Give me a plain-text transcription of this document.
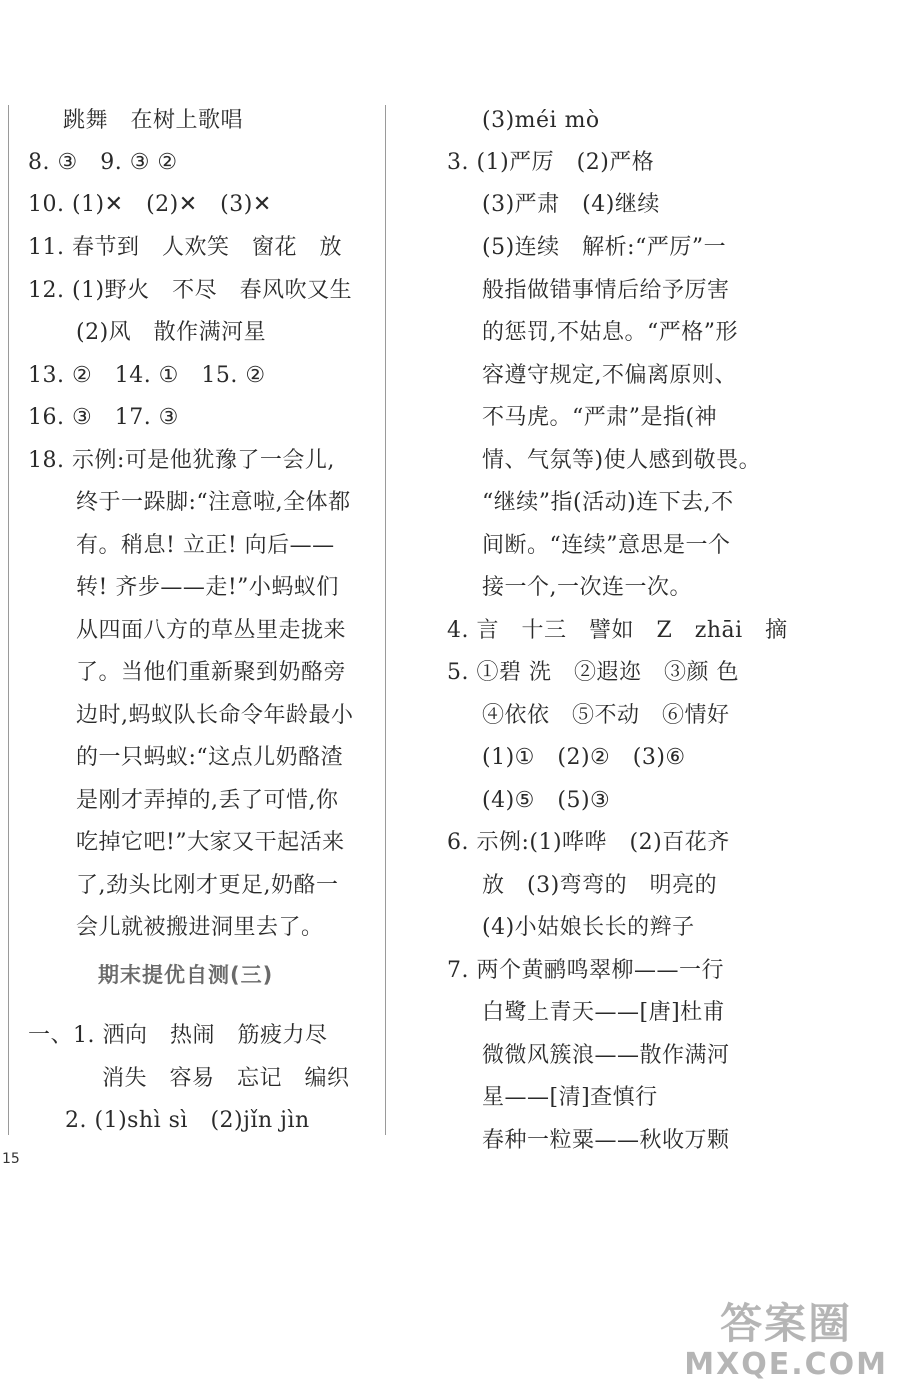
跳舞　在树上歌唱
8. ③　9. ③ ②
10. (1)✕　(2)✕　(3)✕
11. 春节到　人欢笑　窗花　放
12. (1)野火　不尽　春风吹又生
(2)风　散作满河星
13. ②　14. ①　15. ②
16. ③　17. ③
18. 示例:可是他犹豫了一会儿,
终于一跺脚:“注意啦,全体都
有。稍息! 立正! 向后——
转! 齐步——走!”小蚂蚁们
从四面八方的草丛里走拢来
了。当他们重新聚到奶酪旁
边时,蚂蚁队长命令年龄最小
的一只蚂蚁:“这点儿奶酪渣
是刚才弄掉的,丢了可惜,你
吃掉它吧!”大家又干起活来
了,劲头比刚才更足,奶酪一
会儿就被搬进洞里去了。
期末提优自测(三)
一、1. 洒向　热闹　筋疲力尽
消失　容易　忘记　编织
2. (1)shì sì　(2)jǐn jìn
(3)méi mò
3. (1)严厉　(2)严格
(3)严肃　(4)继续
(5)连续　解析:“严厉”一
般指做错事情后给予厉害
的惩罚,不姑息。“严格”形
容遵守规定,不偏离原则、
不马虎。“严肃”是指(神
情、气氛等)使人感到敬畏。
“继续”指(活动)连下去,不
间断。“连续”意思是一个
接一个,一次连一次。
4. 言　十三　譬如　Z　zhāi　摘
5. ①碧 洗　②遐迩　③颜 色
④依依　⑤不动　⑥情好
(1)①　(2)②　(3)⑥
(4)⑤　(5)③
6. 示例:(1)哗哗　(2)百花齐
放　(3)弯弯的　明亮的
(4)小姑娘长长的辫子
7. 两个黄鹂鸣翠柳——一行
白鹭上青天——[唐]杜甫
微微风簇浪——散作满河
星——[清]查慎行
春种一粒粟——秋收万颗
15
答案圈
MXQE.COM
